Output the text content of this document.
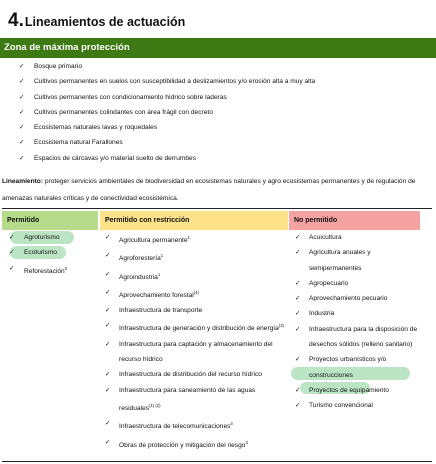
4. Lineamientos de actuación
Zona de máxima protección
✓ Bosque primario
✓ Cultivos permanentes en suelos con susceptibilidad a deslizamientos y/o erosión alta a muy alta
✓ Cultivos permanentes con condicionamiento hídrico sobre laderas
✓ Cultivos permanentes colindantes con área frágil con decreto
✓ Ecosistemas naturales lavas y roquedales
✓ Ecosistema natural Farallones
✓ Espacios de cárcavas y/o material suelto de derrumbes

Lineamiento: proteger servicios ambientales de biodiversidad en ecosistemas naturales y agro ecosistemas permanentes y de regulación de amenazas naturales críticas y de conectividad ecosistémica.

Permitido	Permitido con restricción	No permitido
✓ Agroturismo
✓ Ecoturismo
✓ Reforestación$^3$
✓ Agricultura permanente$^1$
✓ Agroforestería$^1$
✓ Agroindustria$^1$
✓ Aprovechamiento forestal$^{(4)}$
✓ Infraestructura de transporte
✓ Infraestructura de generación y distribución de energía$^{(3)}$
✓ Infraestructura para captación y almacenamiento del recurso hídrico
✓ Infraestructura de distribución del recurso hídrico
✓ Infraestructura para saneamiento de las aguas residuales$^{(1) (2)}$
✓ Infraestructura de telecomunicaciones$^3$
✓ Obras de protección y mitigación del riesgo$^3$
✓ Acuicultura
✓ Agricultura anuales y semipermanentes
✓ Agropecuario
✓ Aprovechamiento pecuario
✓ Industria
✓ Infraestructura para la disposición de desechos sólidos (relleno sanitario)
✓ Proyectos urbanísticos y/o construcciones
✓ Proyectos de equipamiento
✓ Turismo convencional
